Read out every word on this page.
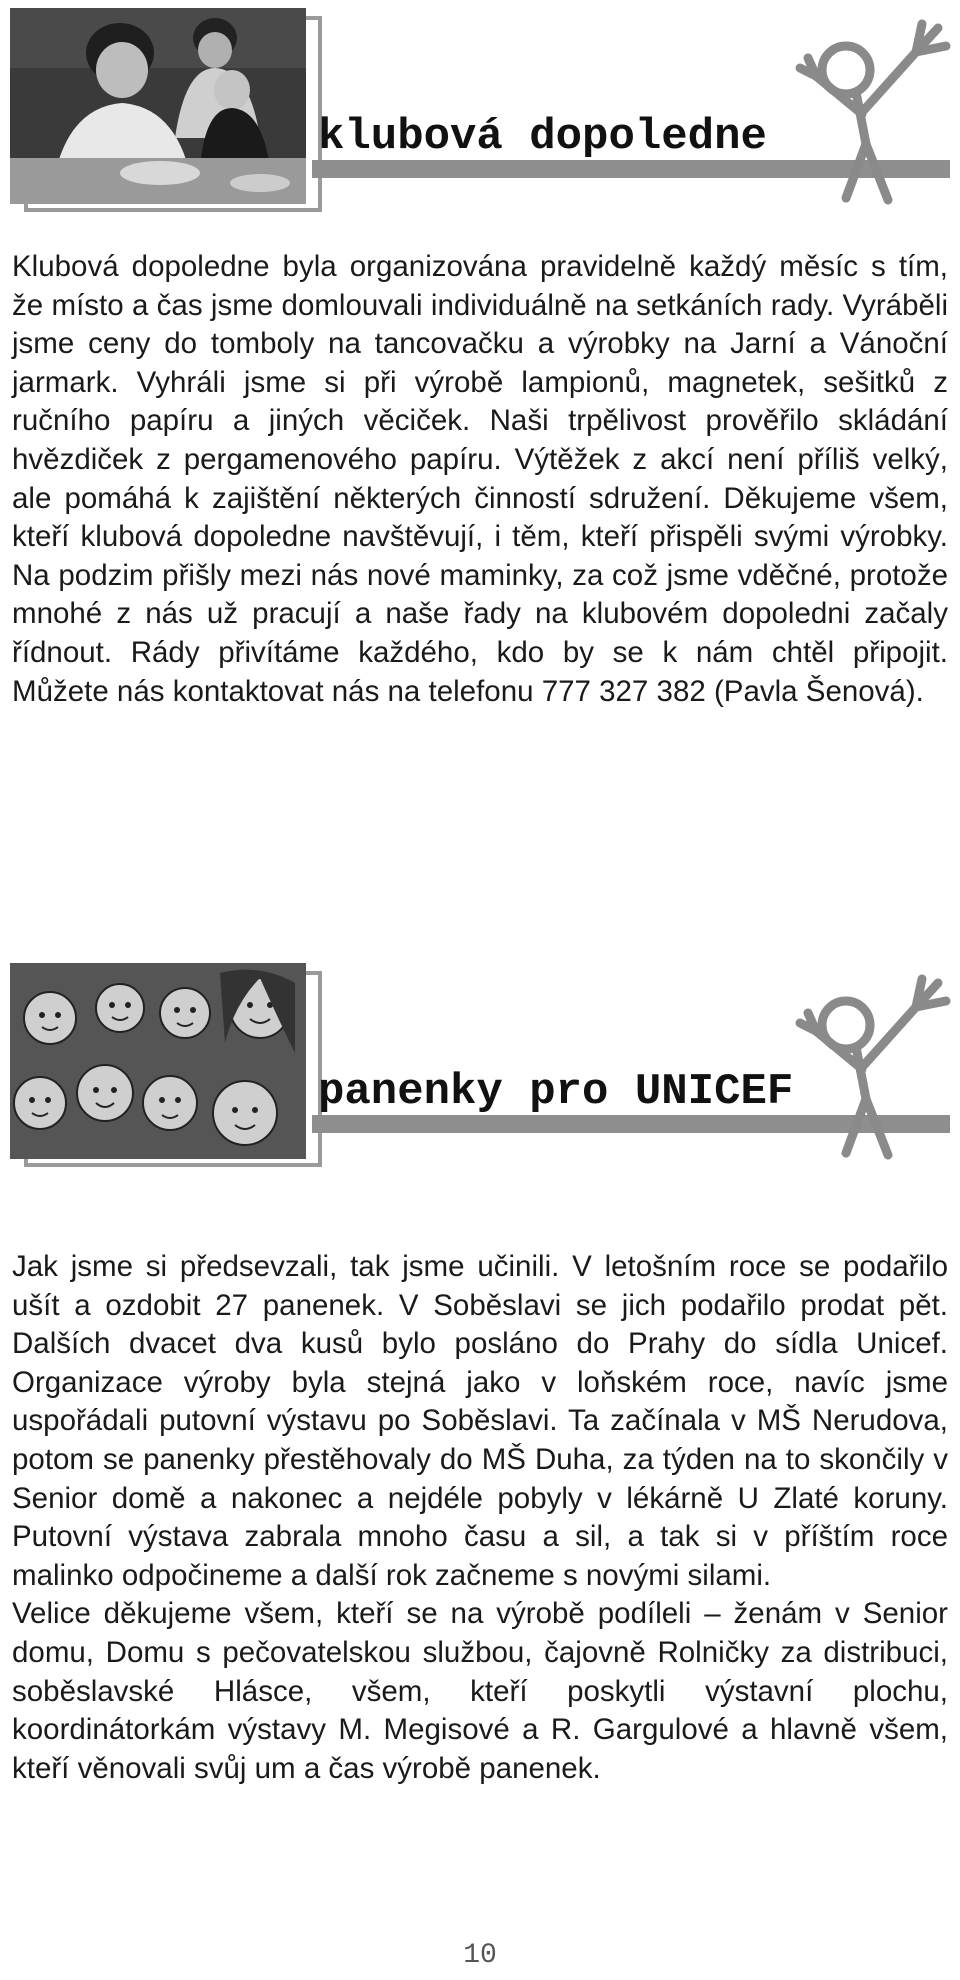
klubová dopoledne

Klubová dopoledne byla organizována pravidelně každý měsíc s tím, že místo a čas jsme domlouvali individuálně na setkáních rady. Vyráběli jsme ceny do tomboly na tancovačku a výrobky na Jarní a Vánoční jarmark. Vyhráli jsme si při výrobě lampionů, magnetek, sešitků z ručního papíru a jiných věciček. Naši trpělivost prověřilo skládání hvězdiček z pergamenového papíru. Výtěžek z akcí není příliš velký, ale pomáhá k zajištění některých činností sdružení. Děkujeme všem, kteří klubová dopoledne navštěvují, i těm, kteří přispěli svými výrobky. Na podzim přišly mezi nás nové maminky, za což jsme vděčné, protože mnohé z nás už pracují a naše řady na klubovém dopoledni začaly řídnout. Rády přivítáme každého, kdo by se k nám chtěl připojit. Můžete nás kontaktovat nás na telefonu 777 327 382 (Pavla Šenová).

panenky pro UNICEF

Jak jsme si předsevzali, tak jsme učinili. V letošním roce se podařilo ušít a ozdobit 27 panenek. V Soběslavi se jich podařilo prodat pět. Dalších dvacet dva kusů bylo posláno do Prahy do sídla Unicef. Organizace výroby byla stejná jako v loňském roce, navíc jsme uspořádali putovní výstavu po Soběslavi. Ta začínala v MŠ Nerudova, potom se panenky přestěhovaly do MŠ Duha, za týden na to skončily v Senior domě a nakonec a nejdéle pobyly v lékárně U Zlaté koruny. Putovní výstava zabrala mnoho času a sil, a tak si v příštím roce malinko odpočineme a další rok začneme s novými silami.

Velice děkujeme všem, kteří se na výrobě podíleli – ženám v Senior domu, Domu s pečovatelskou službou, čajovně Rolničky za distribuci, soběslavské Hlásce, všem, kteří poskytli výstavní plochu, koordinátorkám výstavy M. Megisové a R. Gargulové a hlavně všem, kteří věnovali svůj um a čas výrobě panenek.

10
